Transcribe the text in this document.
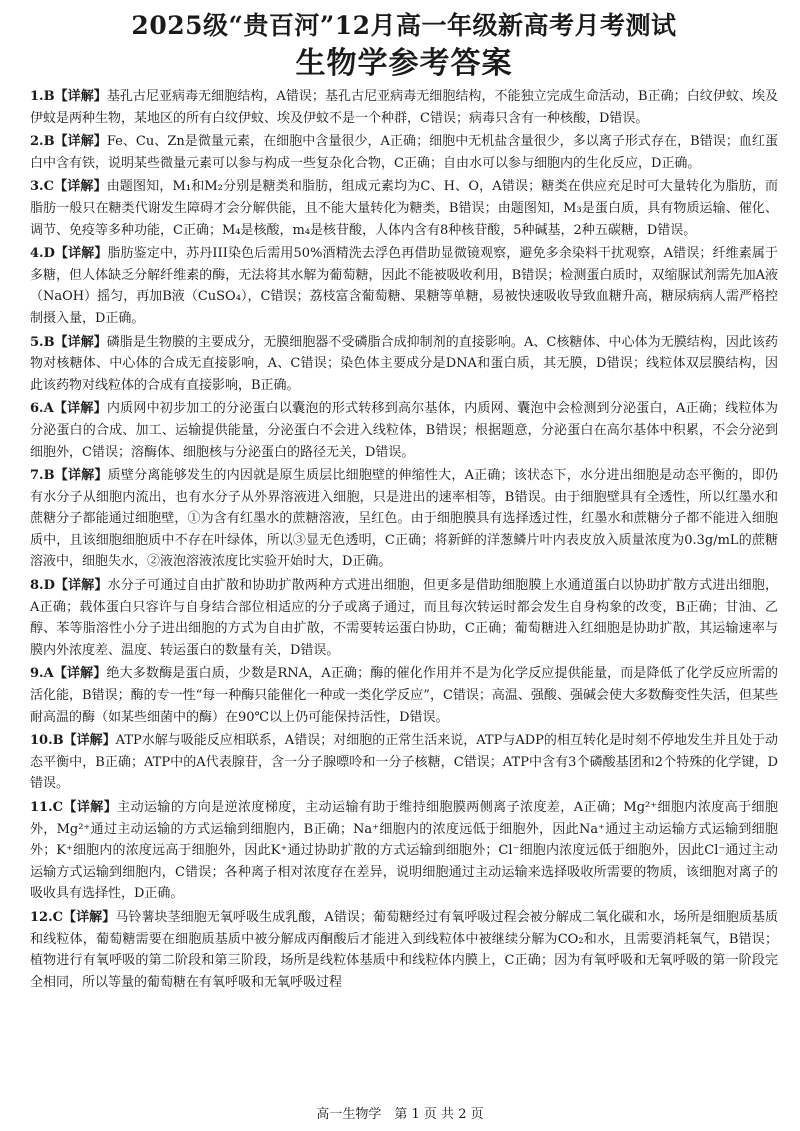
2025级“贵百河”12月高一年级新高考月考测试
生物学参考答案

1.B【详解】基孔古尼亚病毒无细胞结构，A错误；基孔古尼亚病毒无细胞结构，不能独立完成生命活动，B正确；白纹伊蚊、埃及伊蚊是两种生物，某地区的所有白纹伊蚊、埃及伊蚊不是一个种群，C错误；病毒只含有一种核酸，D错误。

2.B【详解】Fe、Cu、Zn是微量元素，在细胞中含量很少，A正确；细胞中无机盐含量很少，多以离子形式存在，B错误；血红蛋白中含有铁，说明某些微量元素可以参与构成一些复杂化合物，C正确；自由水可以参与细胞内的生化反应，D正确。

3.C【详解】由题图知，M₁和M₂分别是糖类和脂肪，组成元素均为C、H、O，A错误；糖类在供应充足时可大量转化为脂肪，而脂肪一般只在糖类代谢发生障碍才会分解供能，且不能大量转化为糖类，B错误；由题图知，M₃是蛋白质，具有物质运输、催化、调节、免疫等多种功能，C正确；M₄是核酸，m₄是核苷酸，人体内含有8种核苷酸，5种碱基，2种五碳糖，D错误。

4.D【详解】脂肪鉴定中，苏丹III染色后需用50%酒精洗去浮色再借助显微镜观察，避免多余染料干扰观察，A错误；纤维素属于多糖，但人体缺乏分解纤维素的酶，无法将其水解为葡萄糖，因此不能被吸收利用，B错误；检测蛋白质时，双缩脲试剂需先加A液（NaOH）摇匀，再加B液（CuSO₄），C错误；荔枝富含葡萄糖、果糖等单糖，易被快速吸收导致血糖升高，糖尿病病人需严格控制摄入量，D正确。

5.B【详解】磷脂是生物膜的主要成分，无膜细胞器不受磷脂合成抑制剂的直接影响。A、C核糖体、中心体为无膜结构，因此该药物对核糖体、中心体的合成无直接影响，A、C错误；染色体主要成分是DNA和蛋白质，其无膜，D错误；线粒体双层膜结构，因此该药物对线粒体的合成有直接影响，B正确。

6.A【详解】内质网中初步加工的分泌蛋白以囊泡的形式转移到高尔基体，内质网、囊泡中会检测到分泌蛋白，A正确；线粒体为分泌蛋白的合成、加工、运输提供能量，分泌蛋白不会进入线粒体，B错误；根据题意，分泌蛋白在高尔基体中积累，不会分泌到细胞外，C错误；溶酶体、细胞核与分泌蛋白的路径无关，D错误。

7.B【详解】质壁分离能够发生的内因就是原生质层比细胞壁的伸缩性大，A正确；该状态下，水分进出细胞是动态平衡的，即仍有水分子从细胞内流出，也有水分子从外界溶液进入细胞，只是进出的速率相等，B错误。由于细胞壁具有全透性，所以红墨水和蔗糖分子都能通过细胞壁，①为含有红墨水的蔗糖溶液，呈红色。由于细胞膜具有选择透过性，红墨水和蔗糖分子都不能进入细胞质中，且该细胞细胞质中不存在叶绿体，所以③显无色透明，C正确；将新鲜的洋葱鳞片叶内表皮放入质量浓度为0.3g/mL的蔗糖溶液中，细胞失水，②液泡溶液浓度比实验开始时大，D正确。

8.D【详解】水分子可通过自由扩散和协助扩散两种方式进出细胞，但更多是借助细胞膜上水通道蛋白以协助扩散方式进出细胞，A正确；载体蛋白只容许与自身结合部位相适应的分子或离子通过，而且每次转运时都会发生自身构象的改变，B正确；甘油、乙醇、苯等脂溶性小分子进出细胞的方式为自由扩散，不需要转运蛋白协助，C正确；葡萄糖进入红细胞是协助扩散，其运输速率与膜内外浓度差、温度、转运蛋白的数量有关，D错误。

9.A【详解】绝大多数酶是蛋白质，少数是RNA，A正确；酶的催化作用并不是为化学反应提供能量，而是降低了化学反应所需的活化能，B错误；酶的专一性“每一种酶只能催化一种或一类化学反应”，C错误；高温、强酸、强碱会使大多数酶变性失活，但某些耐高温的酶（如某些细菌中的酶）在90℃以上仍可能保持活性，D错误。

10.B【详解】ATP水解与吸能反应相联系，A错误；对细胞的正常生活来说，ATP与ADP的相互转化是时刻不停地发生并且处于动态平衡中，B正确；ATP中的A代表腺苷，含一分子腺嘌呤和一分子核糖，C错误；ATP中含有3个磷酸基团和2个特殊的化学键，D错误。

11.C【详解】主动运输的方向是逆浓度梯度，主动运输有助于维持细胞膜两侧离子浓度差，A正确；Mg²⁺细胞内浓度高于细胞外，Mg²⁺通过主动运输的方式运输到细胞内，B正确；Na⁺细胞内的浓度远低于细胞外，因此Na⁺通过主动运输方式运输到细胞外；K⁺细胞内的浓度远高于细胞外，因此K⁺通过协助扩散的方式运输到细胞外；Cl⁻细胞内浓度远低于细胞外，因此Cl⁻通过主动运输方式运输到细胞内，C错误；各种离子相对浓度存在差异，说明细胞通过主动运输来选择吸收所需要的物质，该细胞对离子的吸收具有选择性，D正确。

12.C【详解】马铃薯块茎细胞无氧呼吸生成乳酸，A错误；葡萄糖经过有氧呼吸过程会被分解成二氧化碳和水，场所是细胞质基质和线粒体，葡萄糖需要在细胞质基质中被分解成丙酮酸后才能进入到线粒体中被继续分解为CO₂和水，且需要消耗氧气，B错误；植物进行有氧呼吸的第二阶段和第三阶段，场所是线粒体基质中和线粒体内膜上，C正确；因为有氧呼吸和无氧呼吸的第一阶段完全相同，所以等量的葡萄糖在有氧呼吸和无氧呼吸过程

高一生物学　第 1 页 共 2 页
